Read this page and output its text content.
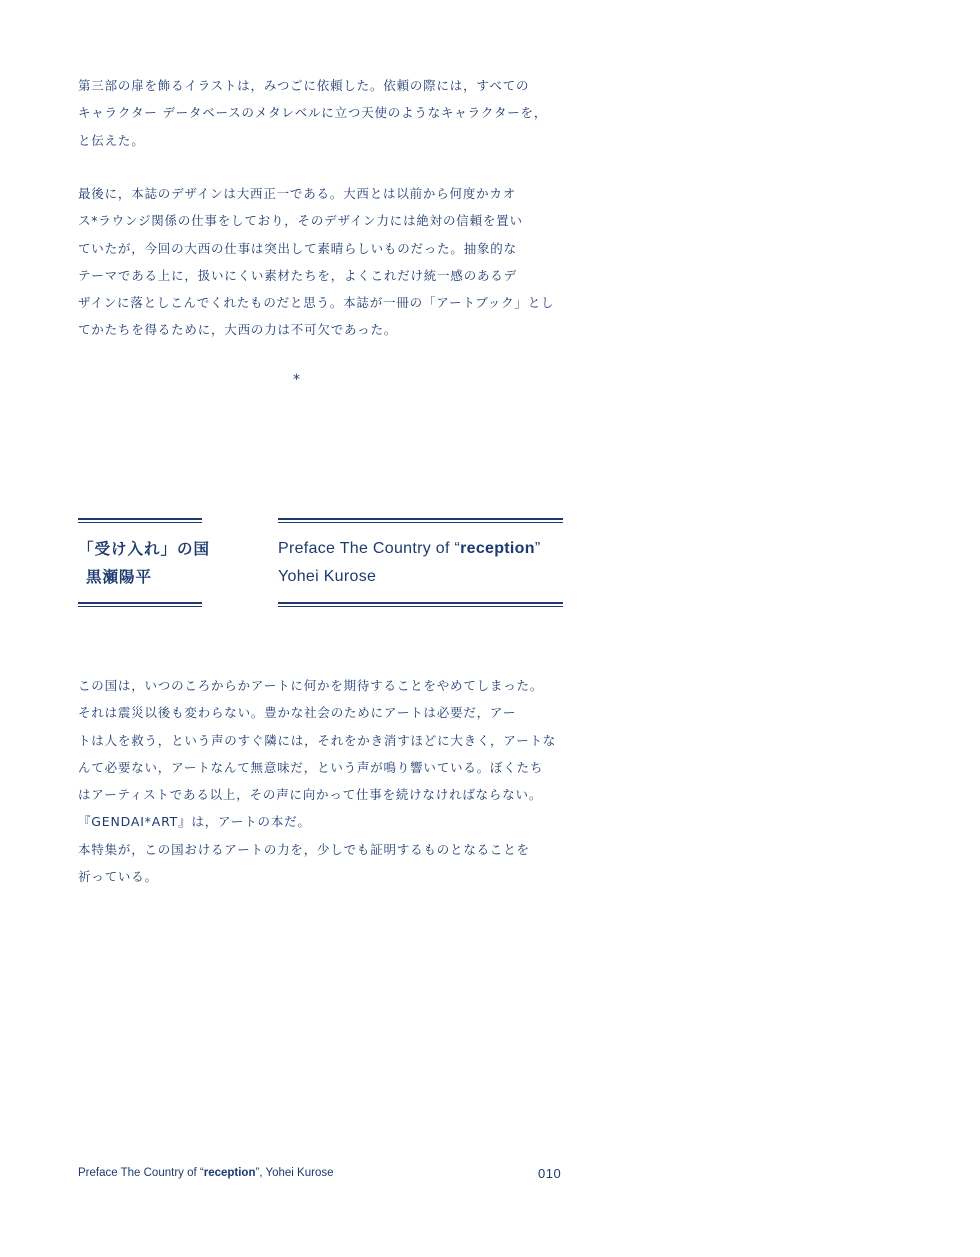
第三部の扉を飾るイラストは，みつごに依頼した。依頼の際には，すべての
キャラクター データベースのメタレベルに立つ天使のようなキャラクターを，
と伝えた。

最後に，本誌のデザインは大西正一である。大西とは以前から何度かカオ
ス*ラウンジ関係の仕事をしており，そのデザイン力には絶対の信頼を置い
ていたが，今回の大西の仕事は突出して素晴らしいものだった。抽象的な
テーマである上に，扱いにくい素材たちを，よくこれだけ統一感のあるデ
ザインに落としこんでくれたものだと思う。本誌が一冊の「アートブック」とし
てかたちを得るために，大西の力は不可欠であった。

*
「受け入れ」の国
黒瀬陽平
Preface The Country of “reception”
Yohei Kurose

この国は，いつのころからかアートに何かを期待することをやめてしまった。
それは震災以後も変わらない。豊かな社会のためにアートは必要だ，アー
トは人を救う，という声のすぐ隣には，それをかき消すほどに大きく，アートな
んて必要ない，アートなんて無意味だ，という声が鳴り響いている。ぼくたち
はアーティストである以上，その声に向かって仕事を続けなければならない。
『GENDAI*ART』は，アートの本だ。
本特集が，この国おけるアートの力を，少しでも証明するものとなることを
祈っている。

Preface The Country of “reception”, Yohei Kurose	010
